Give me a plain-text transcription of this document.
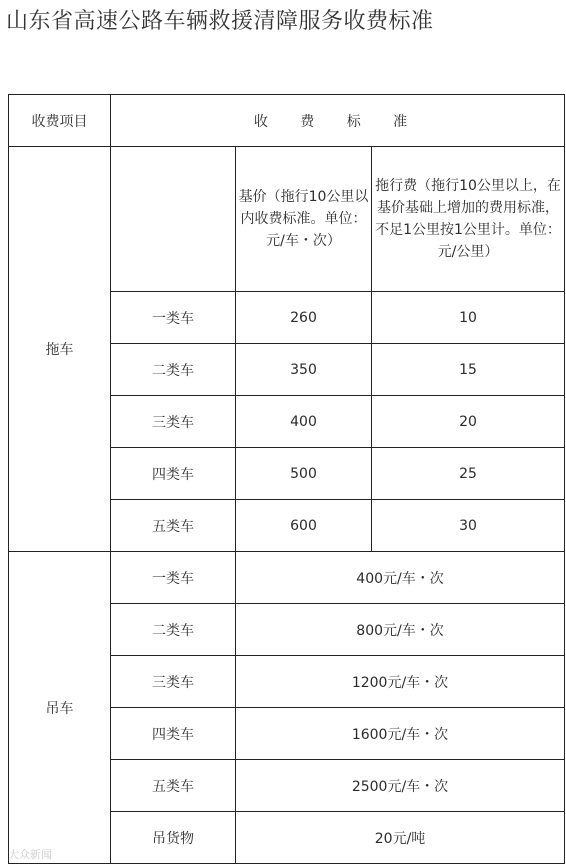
山东省高速公路车辆救援清障服务收费标准
收费项目	收 费 标 准		
拖车		基价（拖行10公里以内收费标准。单位：元/车・次）	拖行费（拖行10公里以上，在基价基础上增加的费用标准，不足1公里按1公里计。单位：元/公里）
	一类车	260	10
	二类车	350	15
	三类车	400	20
	四类车	500	25
	五类车	600	30
吊车	一类车	400元/车・次	
	二类车	800元/车・次	
	三类车	1200元/车・次	
	四类车	1600元/车・次	
	五类车	2500元/车・次	
	吊货物	20元/吨	
大众新闻
